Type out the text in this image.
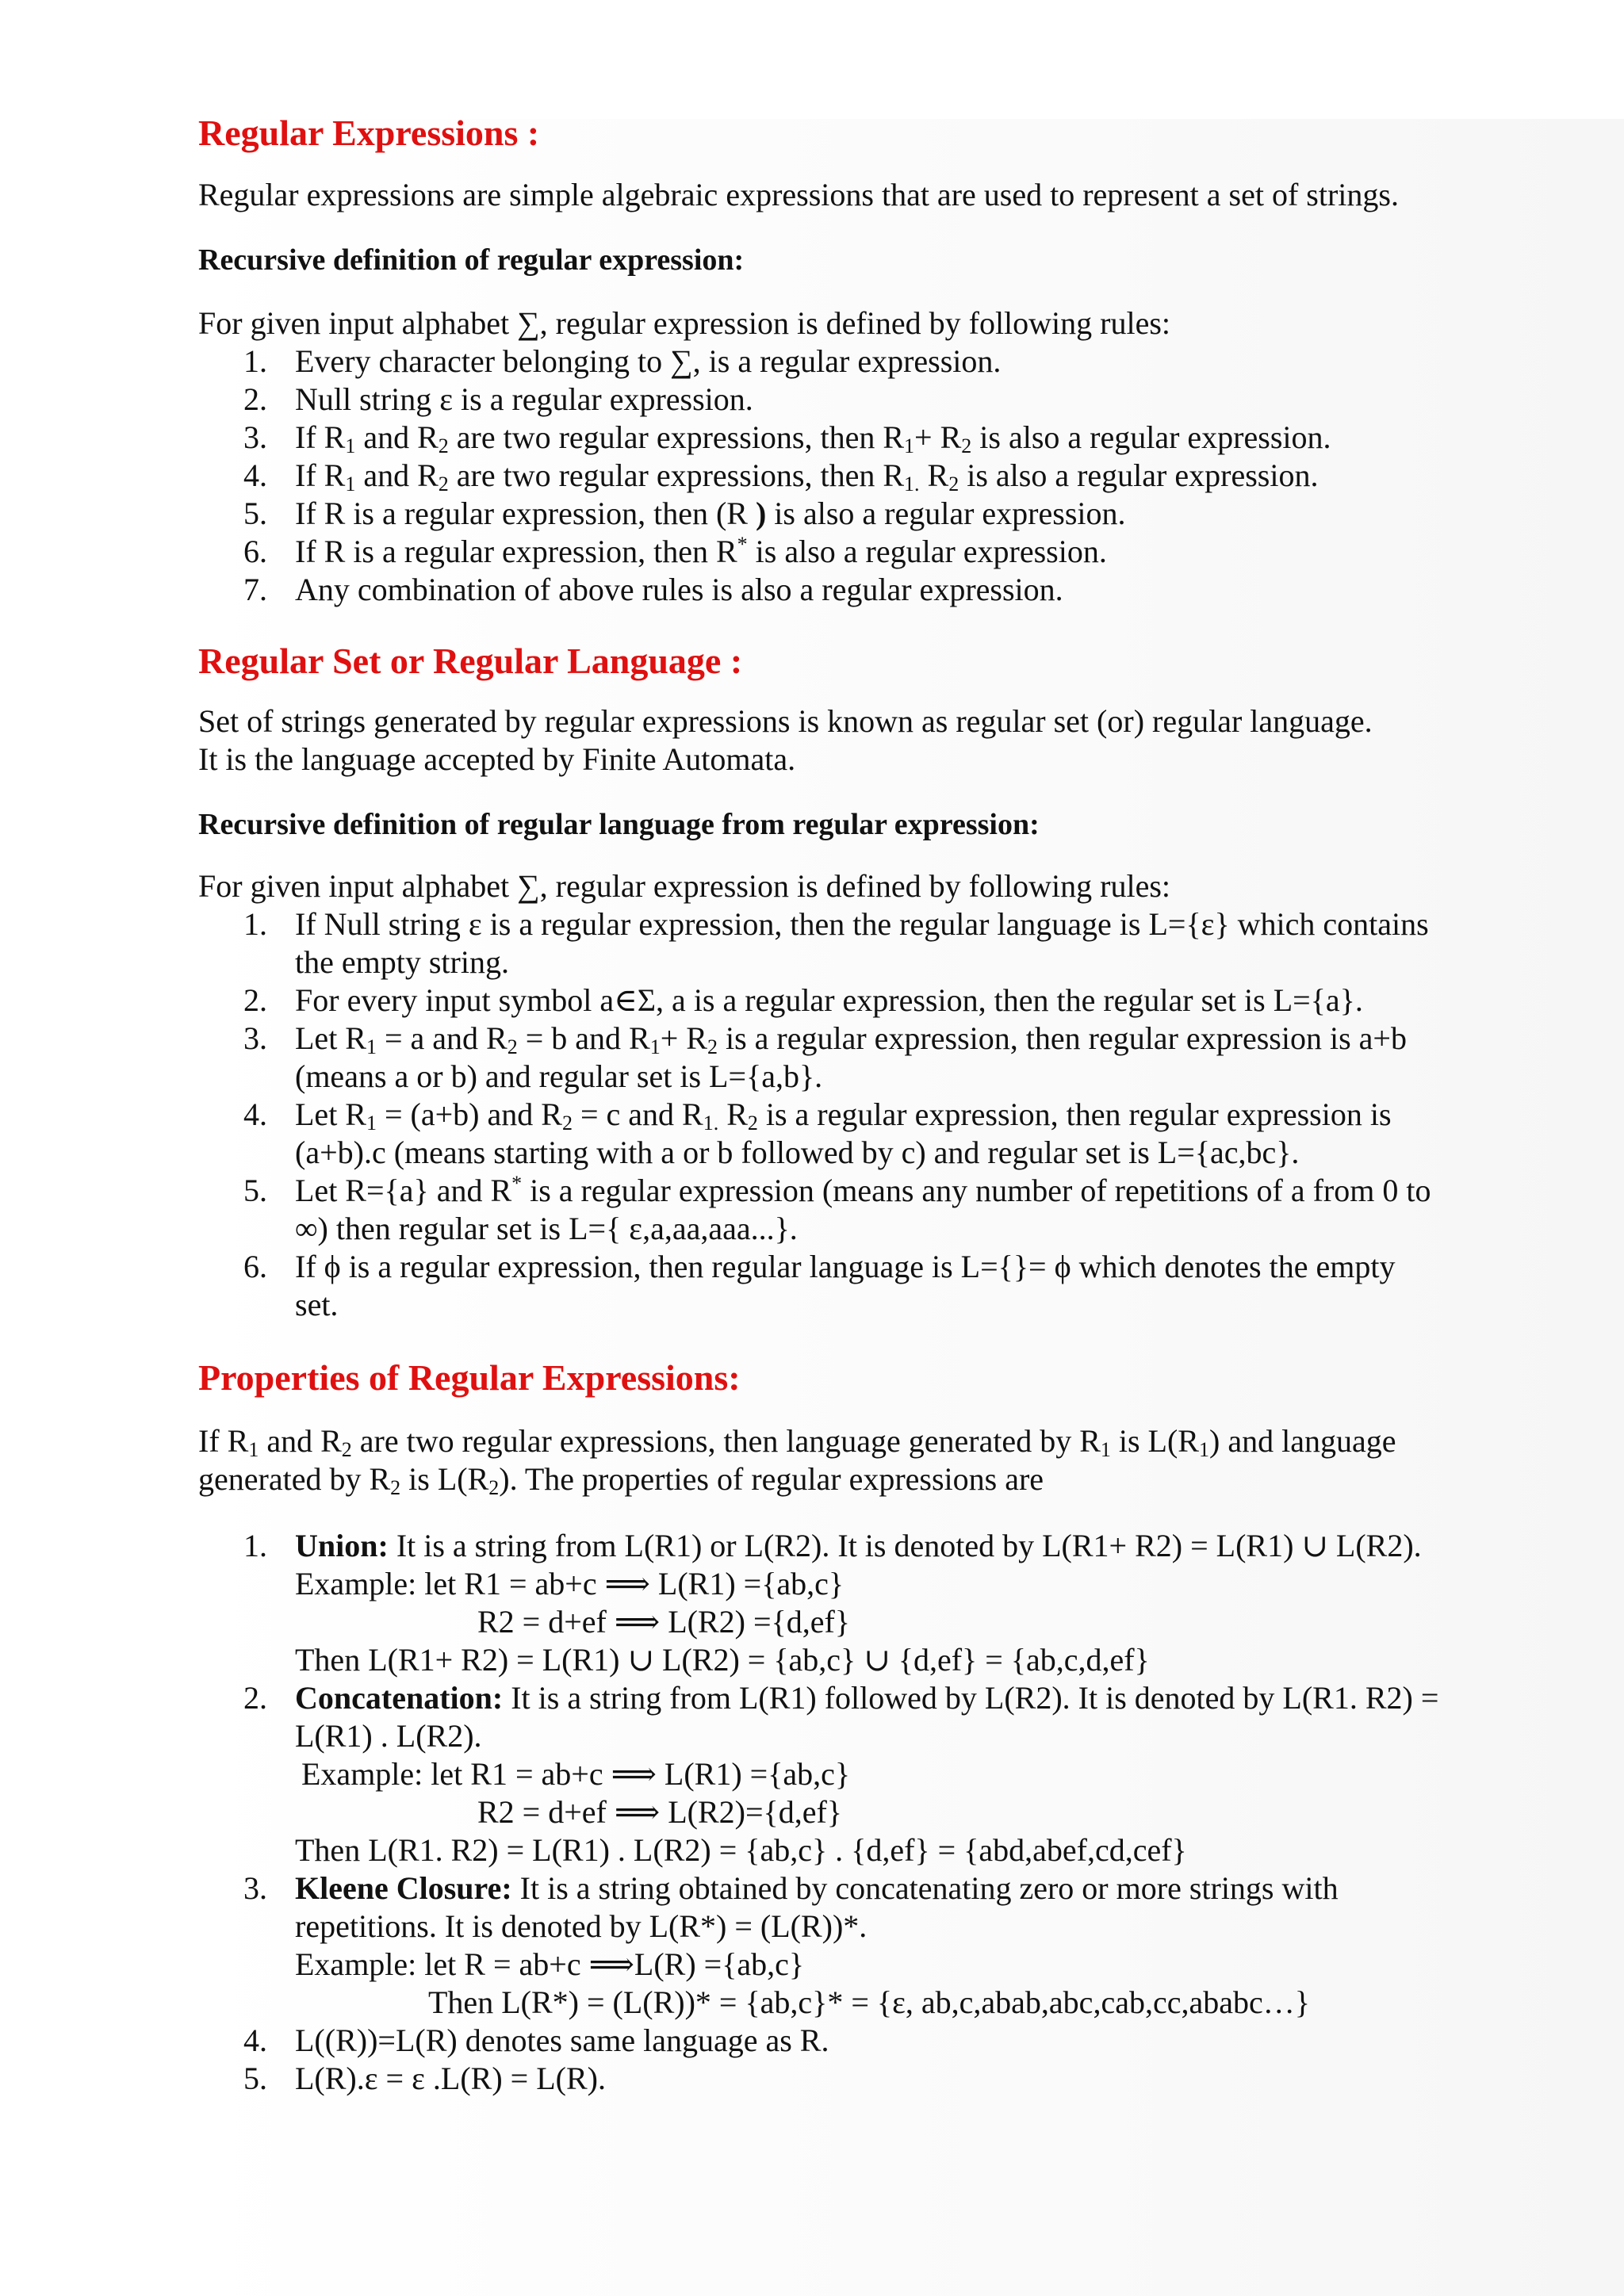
Regular Expressions :

Regular expressions are simple algebraic expressions that are used to represent a set of strings.

Recursive definition of regular expression:

For given input alphabet ∑, regular expression is defined by following rules:

1. Every character belonging to ∑, is a regular expression.
2. Null string ε is a regular expression.
3. If $R_1$ and $R_2$ are two regular expressions, then $R_1+ R_2$ is also a regular expression.
4. If $R_1$ and $R_2$ are two regular expressions, then $R_{1.}$ $R_2$ is also a regular expression.
5. If R is a regular expression, then (R ) is also a regular expression.
6. If R is a regular expression, then R* is also a regular expression.
7. Any combination of above rules is also a regular expression.
Regular Set or Regular Language :

Set of strings generated by regular expressions is known as regular set (or) regular language.

It is the language accepted by Finite Automata.

Recursive definition of regular language from regular expression:

For given input alphabet ∑, regular expression is defined by following rules:

1. If Null string ε is a regular expression, then the regular language is L={ε} which contains the empty string.
2. For every input symbol a∈Σ, a is a regular expression, then the regular set is L={a}.
3. Let $R_1 = a$ and $R_2 = b$ and $R_1+ R_2$ is a regular expression, then regular expression is a+b (means a or b) and regular set is L={a,b}.
4. Let $R_1 = (a+b)$ and $R_2 = c$ and $R_{1.}$ $R_2$ is a regular expression, then regular expression is (a+b).c (means starting with a or b followed by c) and regular set is L={ac,bc}.
5. Let R={a} and R* is a regular expression (means any number of repetitions of a from 0 to ∞) then regular set is L={ ε,a,aa,aaa...}.
6. If ϕ is a regular expression, then regular language is L={}= ϕ which denotes the empty set.
Properties of Regular Expressions:

If $R_1$ and $R_2$ are two regular expressions, then language generated by $R_1$ is $L(R_1)$ and language generated by $R_2$ is $L(R_2)$. The properties of regular expressions are

1. Union: It is a string from L(R1) or L(R2). It is denoted by L(R1+ R2) = L(R1) ∪ L(R2).
Example: let R1 = ab+c ⟹ L(R1) ={ab,c}
R2 = d+ef ⟹ L(R2) ={d,ef}
Then L(R1+ R2) = L(R1) ∪ L(R2) = {ab,c} ∪ {d,ef} = {ab,c,d,ef}
2. Concatenation: It is a string from L(R1) followed by L(R2). It is denoted by L(R1. R2) = L(R1) . L(R2).
Example: let R1 = ab+c ⟹ L(R1) ={ab,c}
R2 = d+ef ⟹ L(R2)={d,ef}
Then L(R1. R2) = L(R1) . L(R2) = {ab,c} . {d,ef} = {abd,abef,cd,cef}
3. Kleene Closure: It is a string obtained by concatenating zero or more strings with repetitions. It is denoted by L(R*) = (L(R))*.
Example: let R = ab+c ⟹L(R) ={ab,c}
Then L(R*) = (L(R))* = {ab,c}* = {ε, ab,c,abab,abc,cab,cc,ababc…}
4. L((R))=L(R) denotes same language as R.
5. L(R).ε = ε .L(R) = L(R).
